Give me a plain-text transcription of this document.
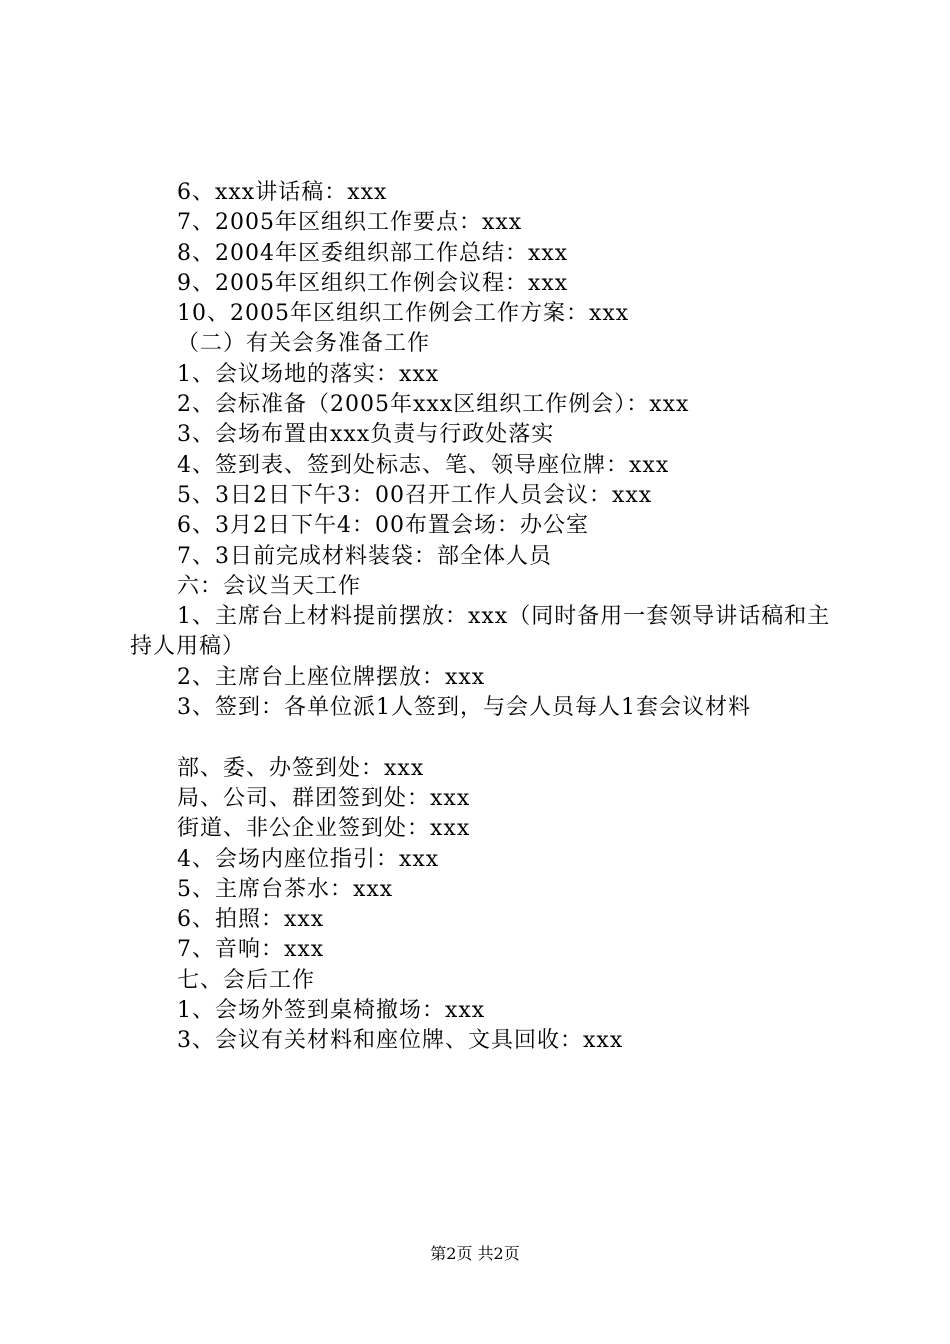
6、xxx讲话稿：xxx
7、2005年区组织工作要点：xxx
8、2004年区委组织部工作总结：xxx
9、2005年区组织工作例会议程：xxx
10、2005年区组织工作例会工作方案：xxx
（二）有关会务准备工作
1、会议场地的落实：xxx
2、会标准备（2005年xxx区组织工作例会）：xxx
3、会场布置由xxx负责与行政处落实
4、签到表、签到处标志、笔、领导座位牌：xxx
5、3日2日下午3：00召开工作人员会议：xxx
6、3月2日下午4：00布置会场：办公室
7、3日前完成材料装袋：部全体人员
六：会议当天工作
1、主席台上材料提前摆放：xxx（同时备用一套领导讲话稿和主持人用稿）
2、主席台上座位牌摆放：xxx
3、签到：各单位派1人签到，与会人员每人1套会议材料
部、委、办签到处：xxx
局、公司、群团签到处：xxx
街道、非公企业签到处：xxx
4、会场内座位指引：xxx
5、主席台茶水：xxx
6、拍照：xxx
7、音响：xxx
七、会后工作
1、会场外签到桌椅撤场：xxx
3、会议有关材料和座位牌、文具回收：xxx
第2页 共2页
